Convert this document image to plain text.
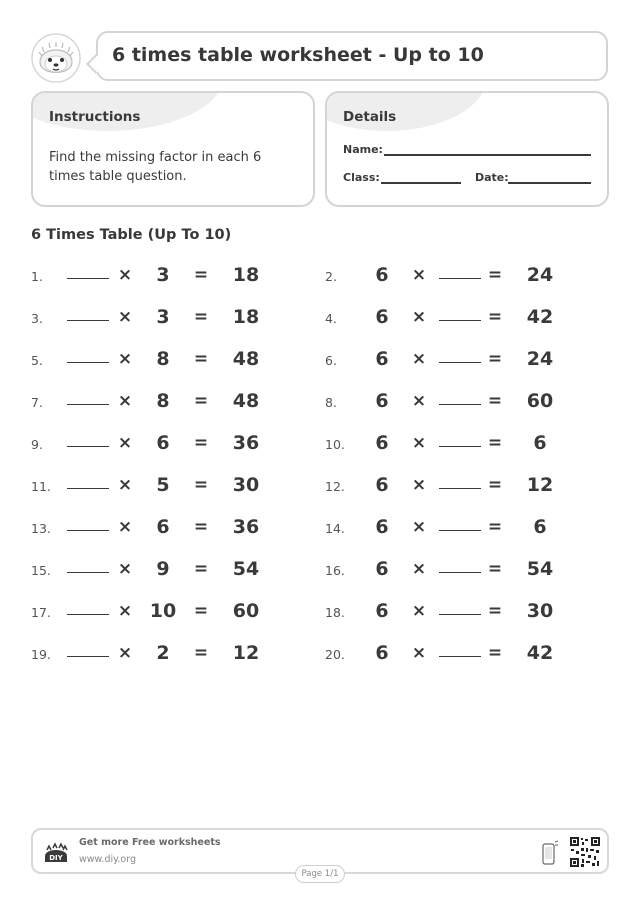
6 times table worksheet - Up to 10
Instructions
Find the missing factor in each 6 times table question.
Details
Name:
Class:	Date:
6 Times Table (Up To 10)
1.	×	3	=	18	2.	6	×	=	24
3.	×	3	=	18	4.	6	×	=	42
5.	×	8	=	48	6.	6	×	=	24
7.	×	8	=	48	8.	6	×	=	60
9.	×	6	=	36	10.	6	×	=	6
11.	×	5	=	30	12.	6	×	=	12
13.	×	6	=	36	14.	6	×	=	6
15.	×	9	=	54	16.	6	×	=	54
17.	× 10	=	60	18.	6	×	=	30
19.	×	2	=	12	20.	6	×	=	42
DIY
Get more Free worksheets
www.diy.org
Page 1/1
